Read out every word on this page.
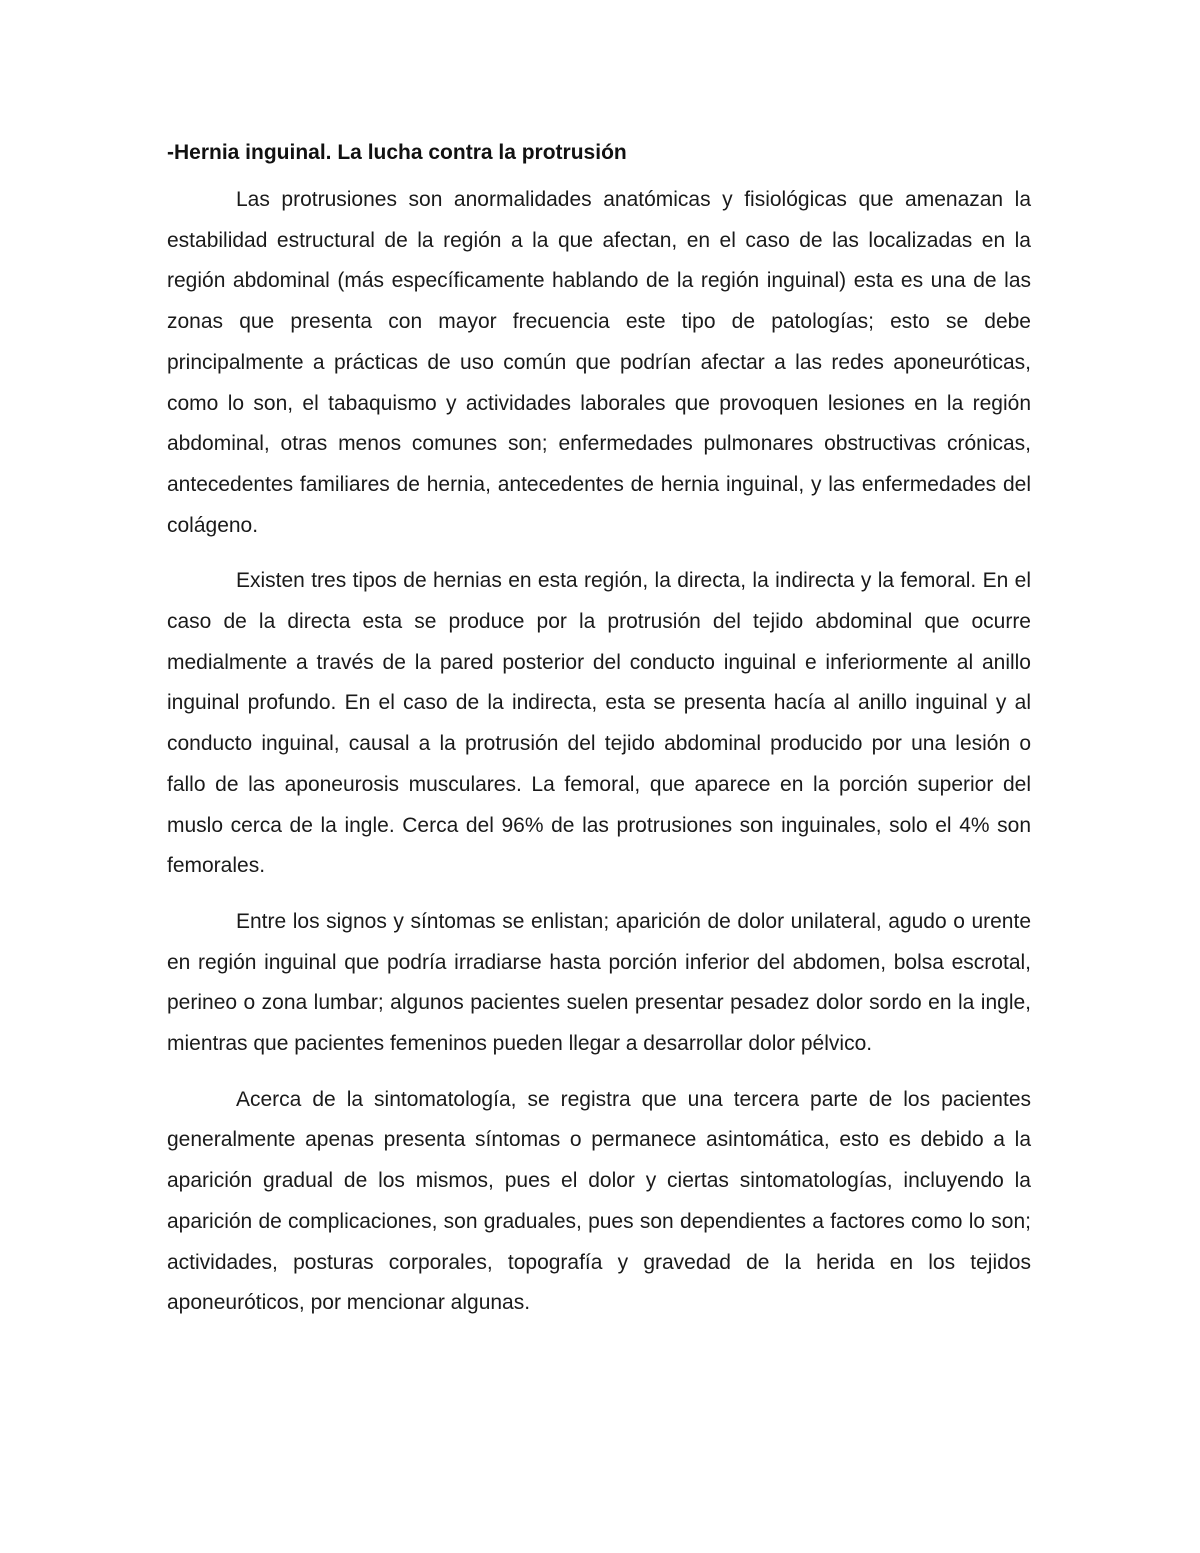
-Hernia inguinal. La lucha contra la protrusión

Las protrusiones son anormalidades anatómicas y fisiológicas que amenazan la estabilidad estructural de la región a la que afectan, en el caso de las localizadas en la región abdominal (más específicamente hablando de la región inguinal) esta es una de las zonas que presenta con mayor frecuencia este tipo de patologías; esto se debe principalmente a prácticas de uso común que podrían afectar a las redes aponeuróticas, como lo son, el tabaquismo y actividades laborales que provoquen lesiones en la región abdominal, otras menos comunes son; enfermedades pulmonares obstructivas crónicas, antecedentes familiares de hernia, antecedentes de hernia inguinal, y las enfermedades del colágeno.

Existen tres tipos de hernias en esta región, la directa, la indirecta y la femoral. En el caso de la directa esta se produce por la protrusión del tejido abdominal que ocurre medialmente a través de la pared posterior del conducto inguinal e inferiormente al anillo inguinal profundo. En el caso de la indirecta, esta se presenta hacía al anillo inguinal y al conducto inguinal, causal a la protrusión del tejido abdominal producido por una lesión o fallo de las aponeurosis musculares. La femoral, que aparece en la porción superior del muslo cerca de la ingle. Cerca del 96% de las protrusiones son inguinales, solo el 4% son femorales.

Entre los signos y síntomas se enlistan; aparición de dolor unilateral, agudo o urente en región inguinal que podría irradiarse hasta porción inferior del abdomen, bolsa escrotal, perineo o zona lumbar; algunos pacientes suelen presentar pesadez dolor sordo en la ingle, mientras que pacientes femeninos pueden llegar a desarrollar dolor pélvico.

Acerca de la sintomatología, se registra que una tercera parte de los pacientes generalmente apenas presenta síntomas o permanece asintomática, esto es debido a la aparición gradual de los mismos, pues el dolor y ciertas sintomatologías, incluyendo la aparición de complicaciones, son graduales, pues son dependientes a factores como lo son; actividades, posturas corporales, topografía y gravedad de la herida en los tejidos aponeuróticos, por mencionar algunas.
